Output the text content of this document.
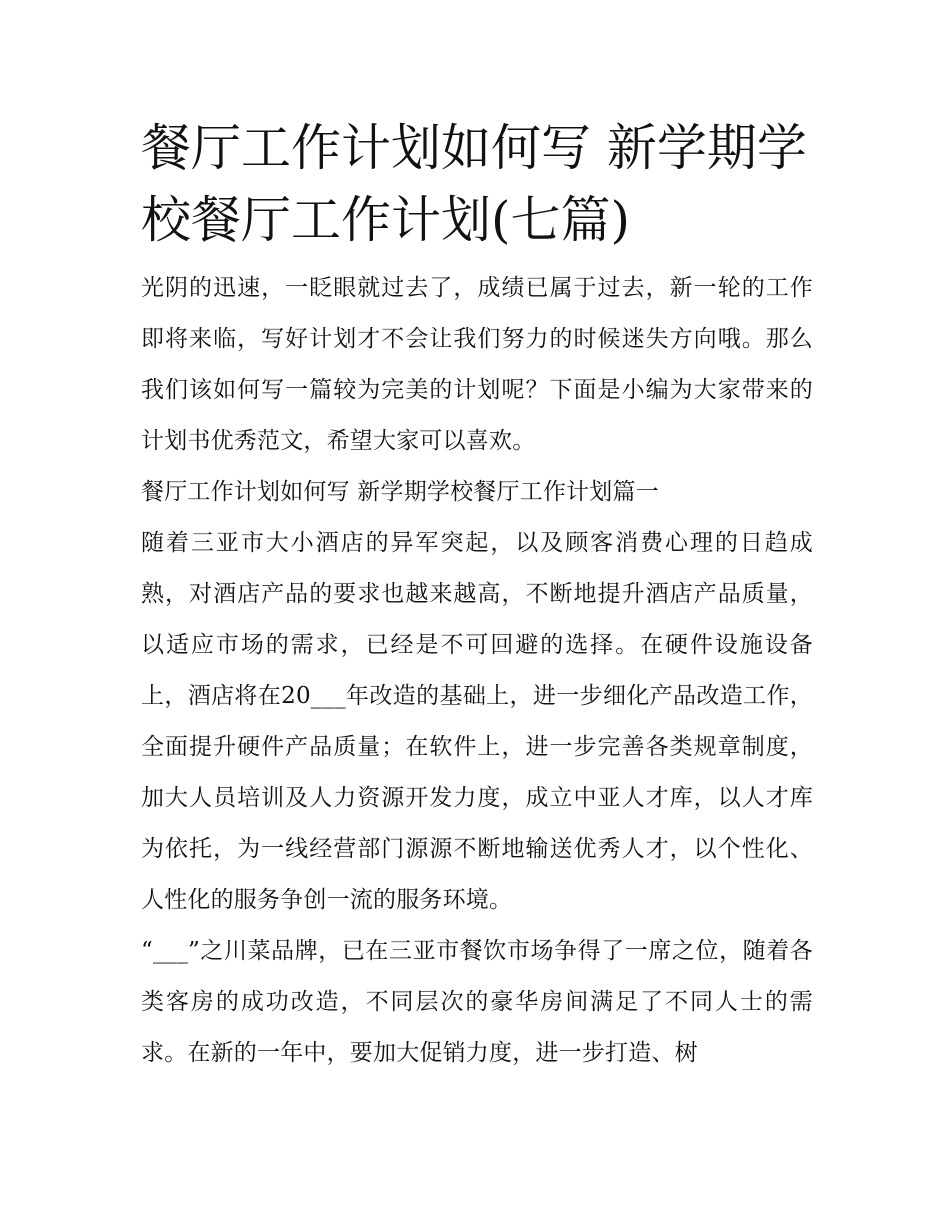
餐厅工作计划如何写 新学期学校餐厅工作计划(七篇)

光阴的迅速，一眨眼就过去了，成绩已属于过去，新一轮的工作即将来临，写好计划才不会让我们努力的时候迷失方向哦。那么我们该如何写一篇较为完美的计划呢？下面是小编为大家带来的计划书优秀范文，希望大家可以喜欢。

餐厅工作计划如何写 新学期学校餐厅工作计划篇一

随着三亚市大小酒店的异军突起，以及顾客消费心理的日趋成熟，对酒店产品的要求也越来越高，不断地提升酒店产品质量，以适应市场的需求，已经是不可回避的选择。在硬件设施设备上，酒店将在20___年改造的基础上，进一步细化产品改造工作，全面提升硬件产品质量；在软件上，进一步完善各类规章制度，加大人员培训及人力资源开发力度，成立中亚人才库，以人才库为依托，为一线经营部门源源不断地输送优秀人才，以个性化、人性化的服务争创一流的服务环境。

“___”之川菜品牌，已在三亚市餐饮市场争得了一席之位，随着各类客房的成功改造，不同层次的豪华房间满足了不同人士的需求。在新的一年中，要加大促销力度，进一步打造、树
